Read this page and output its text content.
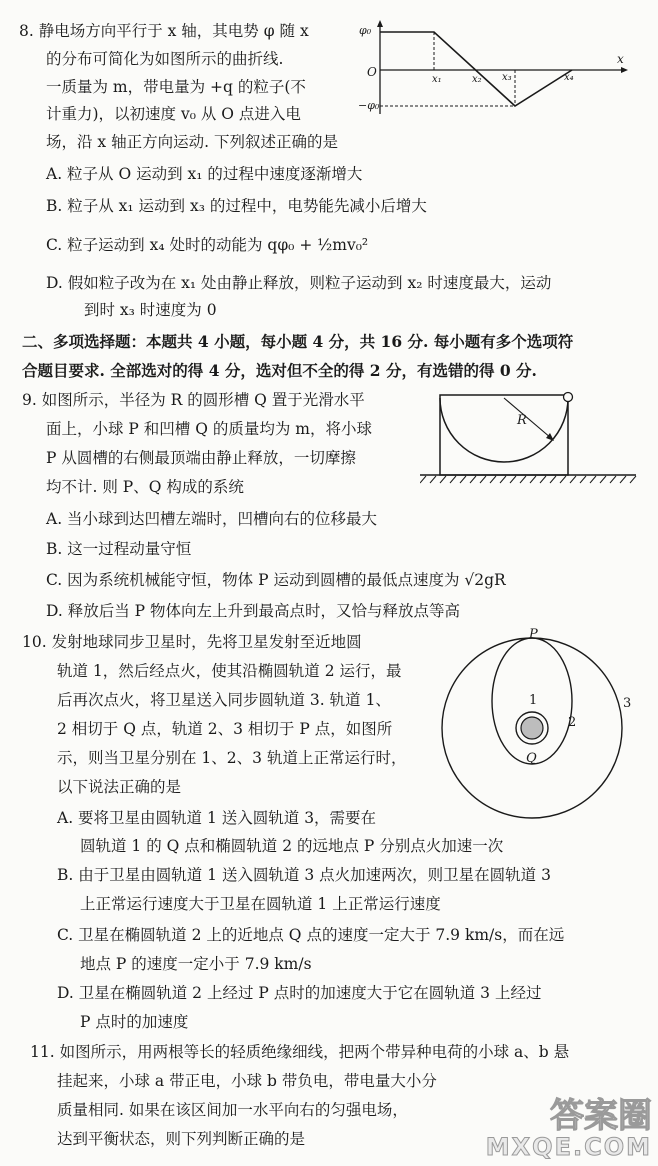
8. 静电场方向平行于 x 轴，其电势 φ 随 x
的分布可简化为如图所示的曲折线.
一质量为 m，带电量为 +q 的粒子(不
计重力)，以初速度 v₀ 从 O 点进入电
场，沿 x 轴正方向运动. 下列叙述正确的是
A. 粒子从 O 运动到 x₁ 的过程中速度逐渐增大
B. 粒子从 x₁ 运动到 x₃ 的过程中，电势能先减小后增大
C. 粒子运动到 x₄ 处时的动能为 qφ₀ + ½mv₀²
D. 假如粒子改为在 x₁ 处由静止释放，则粒子运动到 x₂ 时速度最大，运动
到时 x₃ 时速度为 0
φ₀
−φ₀
O
x
x₁	x₂ x₃	x₄
二、多项选择题：本题共 4 小题，每小题 4 分，共 16 分. 每小题有多个选项符
合题目要求. 全部选对的得 4 分，选对但不全的得 2 分，有选错的得 0 分.
9. 如图所示，半径为 R 的圆形槽 Q 置于光滑水平
面上，小球 P 和凹槽 Q 的质量均为 m，将小球
P 从圆槽的右侧最顶端由静止释放，一切摩擦
均不计. 则 P、Q 构成的系统
A. 当小球到达凹槽左端时，凹槽向右的位移最大
B. 这一过程动量守恒
C. 因为系统机械能守恒，物体 P 运动到圆槽的最低点速度为 √2gR
D. 释放后当 P 物体向左上升到最高点时，又恰与释放点等高
R
10. 发射地球同步卫星时，先将卫星发射至近地圆
轨道 1，然后经点火，使其沿椭圆轨道 2 运行，最
后再次点火，将卫星送入同步圆轨道 3. 轨道 1、
2 相切于 Q 点，轨道 2、3 相切于 P 点，如图所
示，则当卫星分别在 1、2、3 轨道上正常运行时，
以下说法正确的是
A. 要将卫星由圆轨道 1 送入圆轨道 3，需要在
圆轨道 1 的 Q 点和椭圆轨道 2 的远地点 P 分别点火加速一次
B. 由于卫星由圆轨道 1 送入圆轨道 3 点火加速两次，则卫星在圆轨道 3
上正常运行速度大于卫星在圆轨道 1 上正常运行速度
C. 卫星在椭圆轨道 2 上的近地点 Q 点的速度一定大于 7.9 km/s，而在远
地点 P 的速度一定小于 7.9 km/s
D. 卫星在椭圆轨道 2 上经过 P 点时的加速度大于它在圆轨道 3 上经过
P 点时的加速度
P
Q
1
2
3
11. 如图所示，用两根等长的轻质绝缘细线，把两个带异种电荷的小球 a、b 悬
挂起来，小球 a 带正电，小球 b 带负电，带电量大小分
质量相同. 如果在该区间加一水平向右的匀强电场，
达到平衡状态，则下列判断正确的是
答案圈
MXQE.COM
